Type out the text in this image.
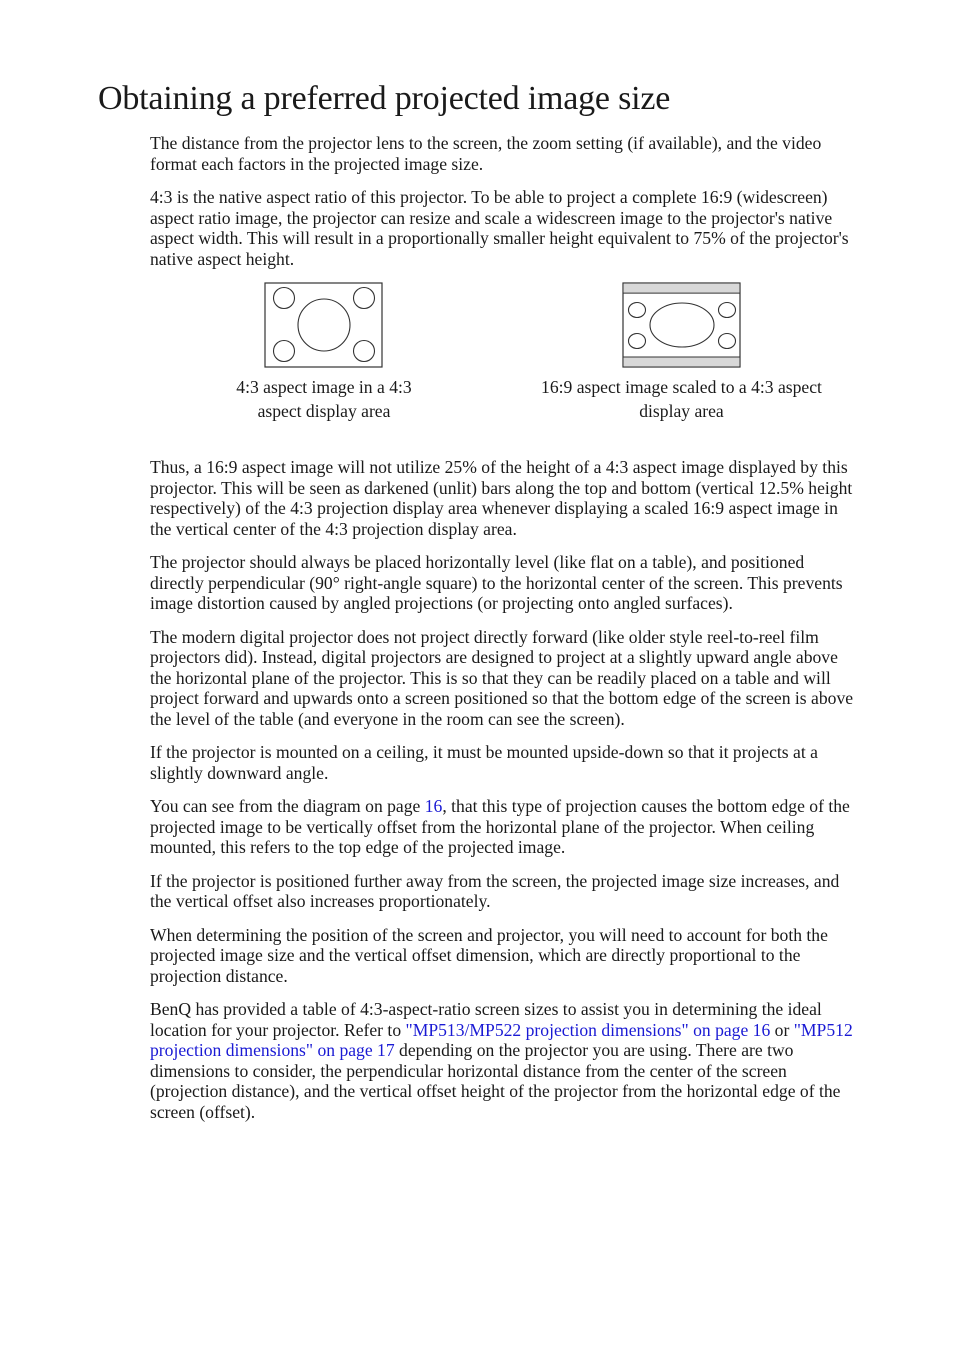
Obtaining a preferred projected image size

The distance from the projector lens to the screen, the zoom setting (if available), and the video format each factors in the projected image size.

4:3 is the native aspect ratio of this projector. To be able to project a complete 16:9 (widescreen) aspect ratio image, the projector can resize and scale a widescreen image to the projector's native aspect width. This will result in a proportionally smaller height equivalent to 75% of the projector's native aspect height.

4:3 aspect image in a 4:3
aspect display area
16:9 aspect image scaled to a 4:3 aspect
display area

Thus, a 16:9 aspect image will not utilize 25% of the height of a 4:3 aspect image displayed by this projector. This will be seen as darkened (unlit) bars along the top and bottom (vertical 12.5% height respectively) of the 4:3 projection display area whenever displaying a scaled 16:9 aspect image in the vertical center of the 4:3 projection display area.

The projector should always be placed horizontally level (like flat on a table), and positioned directly perpendicular (90° right-angle square) to the horizontal center of the screen. This prevents image distortion caused by angled projections (or projecting onto angled surfaces).

The modern digital projector does not project directly forward (like older style reel-to-reel film projectors did). Instead, digital projectors are designed to project at a slightly upward angle above the horizontal plane of the projector. This is so that they can be readily placed on a table and will project forward and upwards onto a screen positioned so that the bottom edge of the screen is above the level of the table (and everyone in the room can see the screen).

If the projector is mounted on a ceiling, it must be mounted upside-down so that it projects at a slightly downward angle.

You can see from the diagram on page 16, that this type of projection causes the bottom edge of the projected image to be vertically offset from the horizontal plane of the projector. When ceiling mounted, this refers to the top edge of the projected image.

If the projector is positioned further away from the screen, the projected image size increases, and the vertical offset also increases proportionately.

When determining the position of the screen and projector, you will need to account for both the projected image size and the vertical offset dimension, which are directly proportional to the projection distance.

BenQ has provided a table of 4:3-aspect-ratio screen sizes to assist you in determining the ideal location for your projector. Refer to "MP513/MP522 projection dimensions" on page 16 or "MP512 projection dimensions" on page 17 depending on the projector you are using. There are two dimensions to consider, the perpendicular horizontal distance from the center of the screen (projection distance), and the vertical offset height of the projector from the horizontal edge of the screen (offset).
